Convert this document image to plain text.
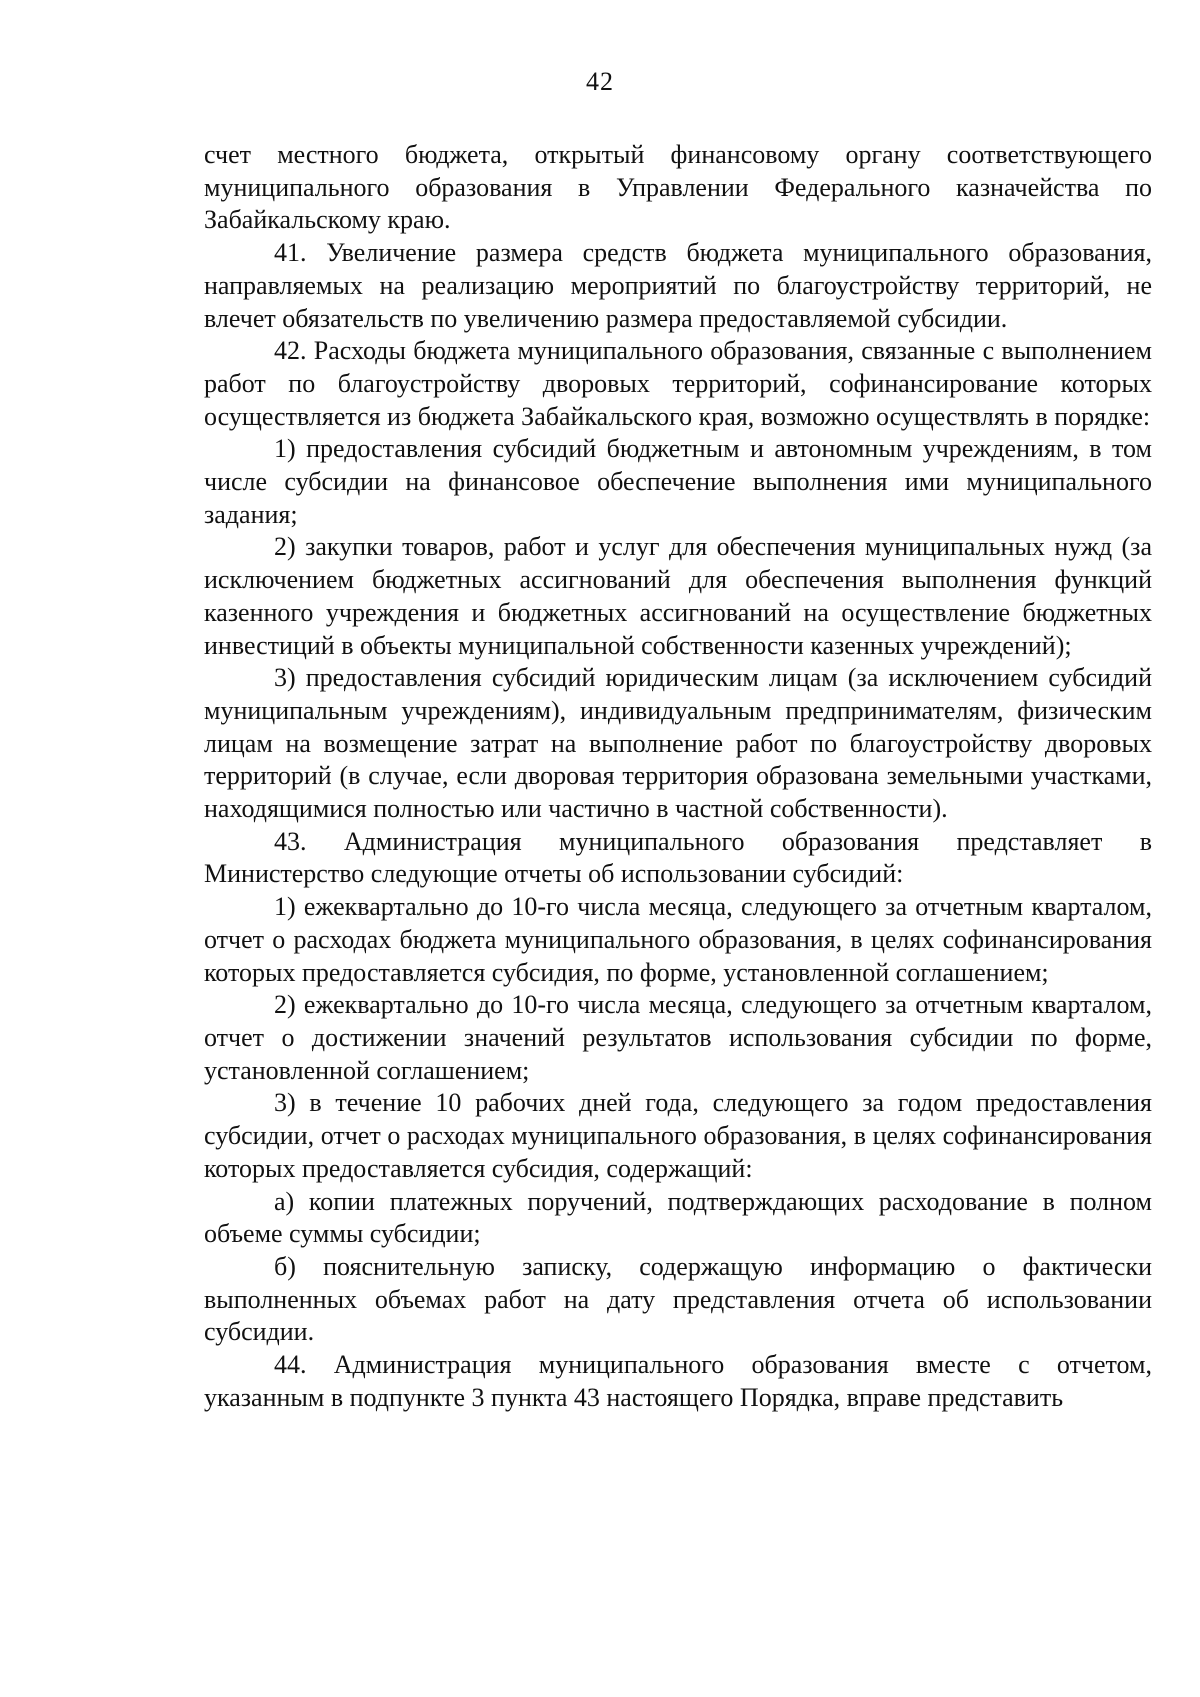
42

счет местного бюджета, открытый финансовому органу соответствующего муниципального образования в Управлении Федерального казначейства по Забайкальскому краю.

41. Увеличение размера средств бюджета муниципального образования, направляемых на реализацию мероприятий по благоустройству территорий, не влечет обязательств по увеличению размера предоставляемой субсидии.

42. Расходы бюджета муниципального образования, связанные с выполнением работ по благоустройству дворовых территорий, софинансирование которых осуществляется из бюджета Забайкальского края, возможно осуществлять в порядке:

1) предоставления субсидий бюджетным и автономным учреждениям, в том числе субсидии на финансовое обеспечение выполнения ими муниципального задания;

2) закупки товаров, работ и услуг для обеспечения муниципальных нужд (за исключением бюджетных ассигнований для обеспечения выполнения функций казенного учреждения и бюджетных ассигнований на осуществление бюджетных инвестиций в объекты муниципальной собственности казенных учреждений);

3) предоставления субсидий юридическим лицам (за исключением субсидий муниципальным учреждениям), индивидуальным предпринимателям, физическим лицам на возмещение затрат на выполнение работ по благоустройству дворовых территорий (в случае, если дворовая территория образована земельными участками, находящимися полностью или частично в частной собственности).

43. Администрация муниципального образования представляет в Министерство следующие отчеты об использовании субсидий:

1) ежеквартально до 10-го числа месяца, следующего за отчетным кварталом, отчет о расходах бюджета муниципального образования, в целях софинансирования которых предоставляется субсидия, по форме, установленной соглашением;

2) ежеквартально до 10-го числа месяца, следующего за отчетным кварталом, отчет о достижении значений результатов использования субсидии по форме, установленной соглашением;

3) в течение 10 рабочих дней года, следующего за годом предоставления субсидии, отчет о расходах муниципального образования, в целях софинансирования которых предоставляется субсидия, содержащий:

а) копии платежных поручений, подтверждающих расходование в полном объеме суммы субсидии;

б) пояснительную записку, содержащую информацию о фактически выполненных объемах работ на дату представления отчета об использовании субсидии.

44. Администрация муниципального образования вместе с отчетом, указанным в подпункте 3 пункта 43 настоящего Порядка, вправе представить
